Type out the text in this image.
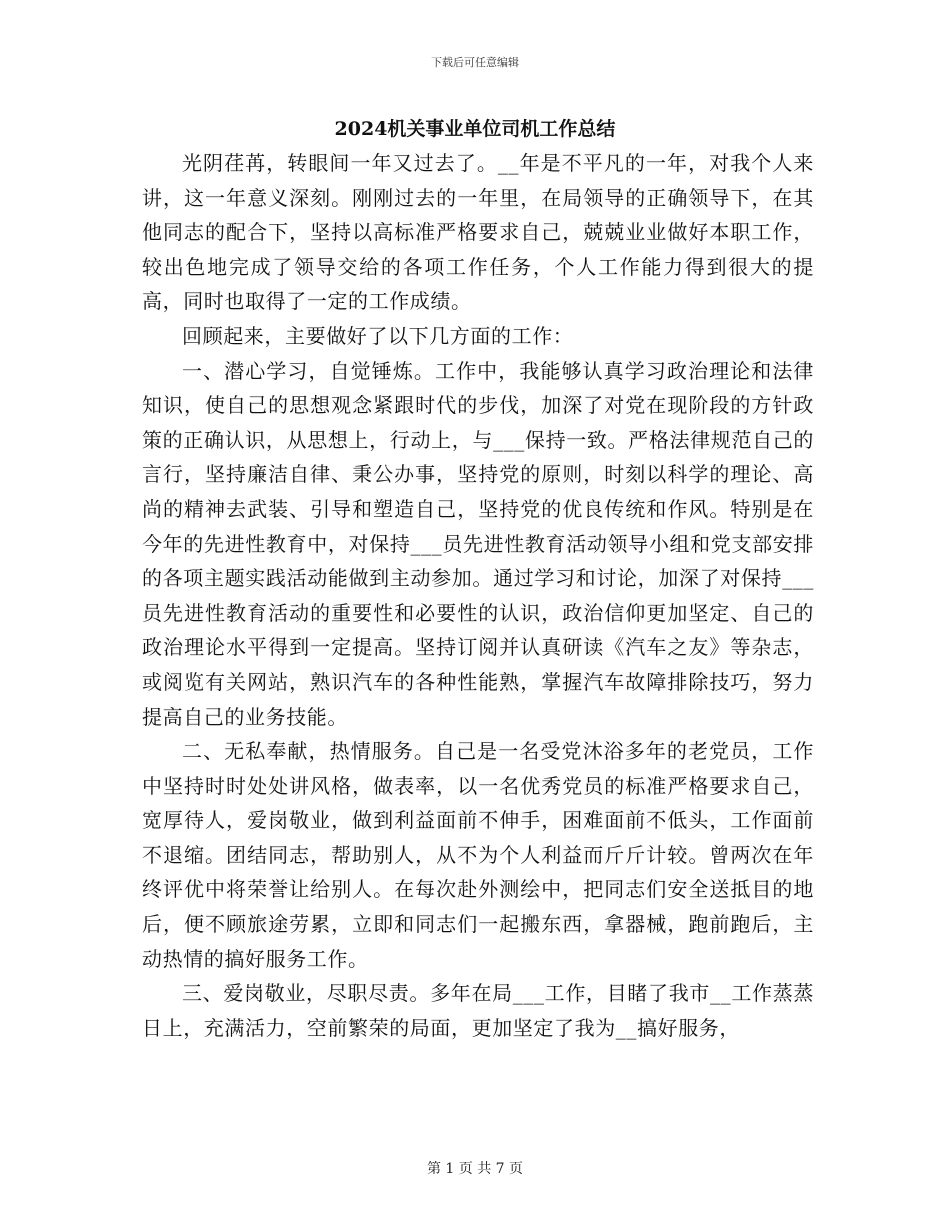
下载后可任意编辑
2024机关事业单位司机工作总结

光阴荏苒，转眼间一年又过去了。__年是不平凡的一年，对我个人来讲，这一年意义深刻。刚刚过去的一年里，在局领导的正确领导下，在其他同志的配合下，坚持以高标准严格要求自己，兢兢业业做好本职工作，较出色地完成了领导交给的各项工作任务，个人工作能力得到很大的提高，同时也取得了一定的工作成绩。

回顾起来，主要做好了以下几方面的工作：

一、潜心学习，自觉锤炼。工作中，我能够认真学习政治理论和法律知识，使自己的思想观念紧跟时代的步伐，加深了对党在现阶段的方针政策的正确认识，从思想上，行动上，与___保持一致。严格法律规范自己的言行，坚持廉洁自律、秉公办事，坚持党的原则，时刻以科学的理论、高尚的精神去武装、引导和塑造自己，坚持党的优良传统和作风。特别是在今年的先进性教育中，对保持___员先进性教育活动领导小组和党支部安排的各项主题实践活动能做到主动参加。通过学习和讨论，加深了对保持___员先进性教育活动的重要性和必要性的认识，政治信仰更加坚定、自己的政治理论水平得到一定提高。坚持订阅并认真研读《汽车之友》等杂志，或阅览有关网站，熟识汽车的各种性能熟，掌握汽车故障排除技巧，努力提高自己的业务技能。

二、无私奉献，热情服务。自己是一名受党沐浴多年的老党员，工作中坚持时时处处讲风格，做表率，以一名优秀党员的标准严格要求自己，宽厚待人，爱岗敬业，做到利益面前不伸手，困难面前不低头，工作面前不退缩。团结同志，帮助别人，从不为个人利益而斤斤计较。曾两次在年终评优中将荣誉让给别人。在每次赴外测绘中，把同志们安全送抵目的地后，便不顾旅途劳累，立即和同志们一起搬东西，拿器械，跑前跑后，主动热情的搞好服务工作。

三、爱岗敬业，尽职尽责。多年在局___工作，目睹了我市__工作蒸蒸日上，充满活力，空前繁荣的局面，更加坚定了我为__搞好服务，

第 1 页 共 7 页
